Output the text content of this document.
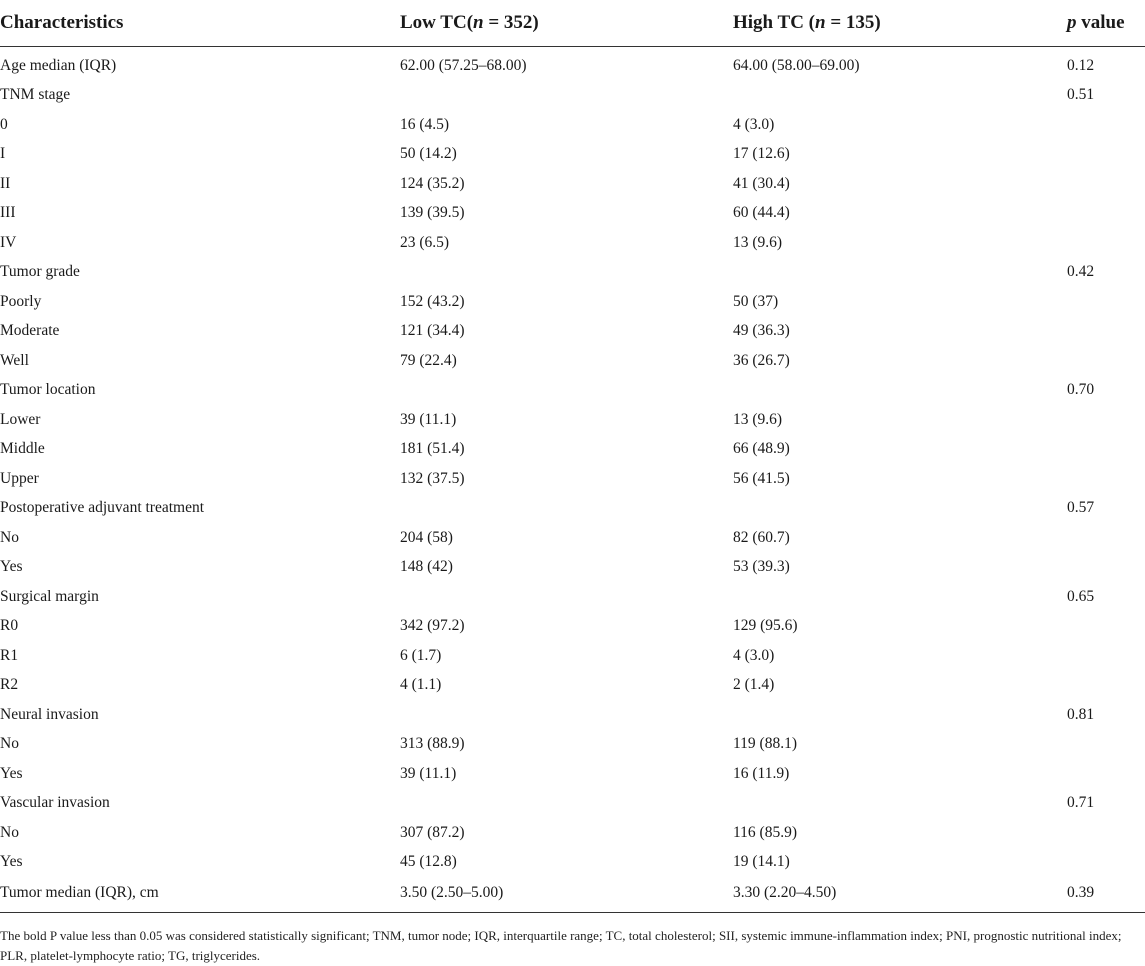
Characteristics	Low TC(n = 352)	High TC (n = 135)	p value
Age median (IQR)	62.00 (57.25–68.00)	64.00 (58.00–69.00)	0.12
TNM stage			0.51
0	16 (4.5)	4 (3.0)	
I	50 (14.2)	17 (12.6)	
II	124 (35.2)	41 (30.4)	
III	139 (39.5)	60 (44.4)	
IV	23 (6.5)	13 (9.6)	
Tumor grade			0.42
Poorly	152 (43.2)	50 (37)	
Moderate	121 (34.4)	49 (36.3)	
Well	79 (22.4)	36 (26.7)	
Tumor location			0.70
Lower	39 (11.1)	13 (9.6)	
Middle	181 (51.4)	66 (48.9)	
Upper	132 (37.5)	56 (41.5)	
Postoperative adjuvant treatment			0.57
No	204 (58)	82 (60.7)	
Yes	148 (42)	53 (39.3)	
Surgical margin			0.65
R0	342 (97.2)	129 (95.6)	
R1	6 (1.7)	4 (3.0)	
R2	4 (1.1)	2 (1.4)	
Neural invasion			0.81
No	313 (88.9)	119 (88.1)	
Yes	39 (11.1)	16 (11.9)	
Vascular invasion			0.71
No	307 (87.2)	116 (85.9)	
Yes	45 (12.8)	19 (14.1)	
Tumor median (IQR), cm	3.50 (2.50–5.00)	3.30 (2.20–4.50)	0.39
The bold P value less than 0.05 was considered statistically significant; TNM, tumor node; IQR, interquartile range; TC, total cholesterol; SII, systemic immune-inflammation index; PNI, prognostic nutritional index; PLR, platelet-lymphocyte ratio; TG, triglycerides.
